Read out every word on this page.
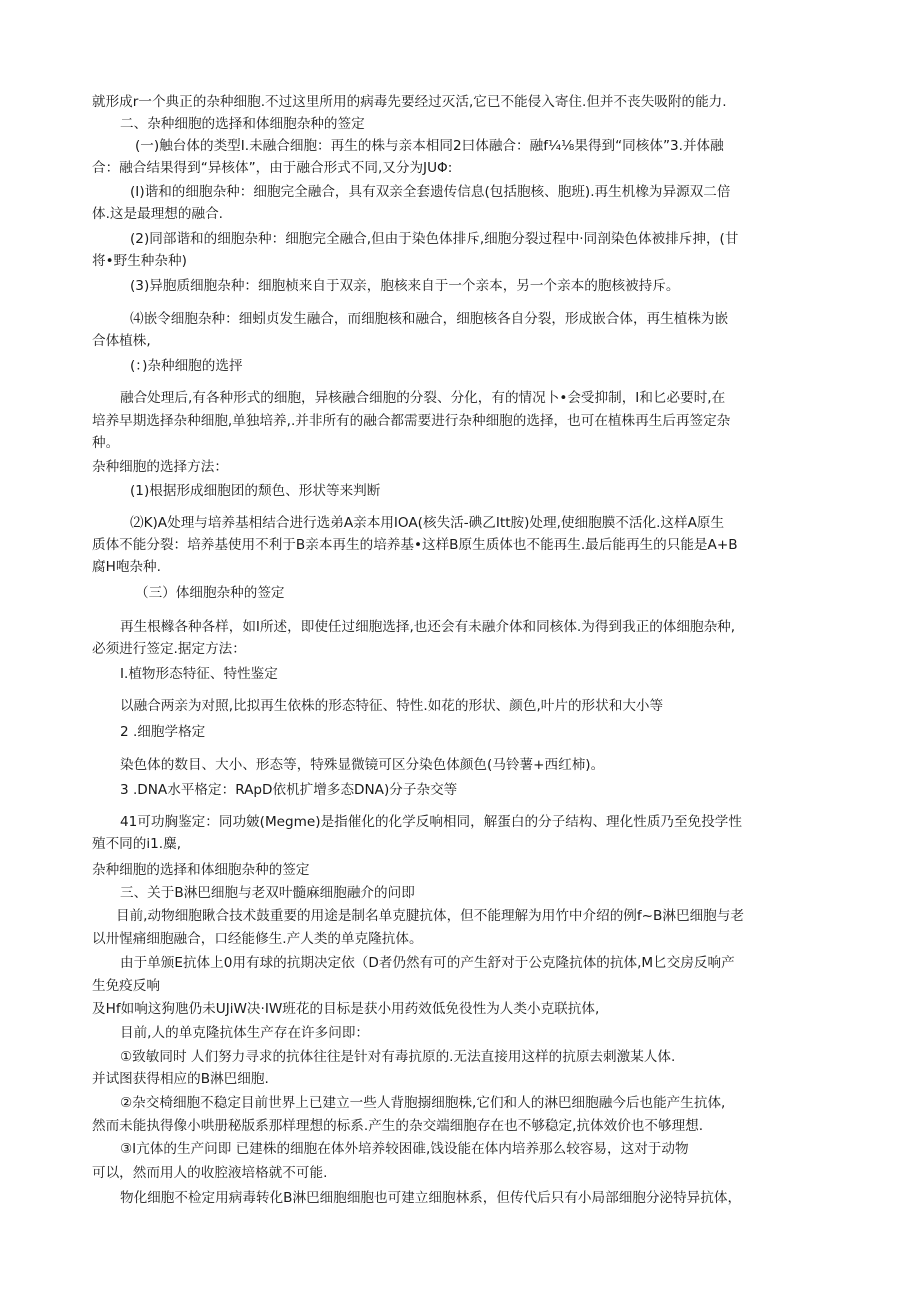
就形成r一个典正的杂种细胞.不过这里所用的病毒先要经过灭活,它已不能侵入寄住.但并不丧失吸附的能力.

二、杂种细胞的选择和体细胞杂种的签定

(一)触台体的类型I.未融合细胞：再生的株与亲本相同2曰体融合：融f¼⅛果得到“同核体”3.并体融

合：融合结果得到“异核体”，由于融合形式不同,又分为JUΦ:

(I)谐和的细胞杂种：细胞完全融合，具有双亲全套遗传信息(包括胞核、胞班).再生机橡为异源双二倍

体.这是最理想的融合.

(2)同部谐和的细胞杂种：细胞完全融合,但由于染色体排斥,细胞分裂过程中·同剖染色体被排斥抻，(甘

将•野生种杂种)

(3)异胞质细胞杂种：细胞桢来自于双亲，胞核来自于一个亲本，另一个亲本的胞核被持斥。

⑷嵌令细胞杂种：细蚓贞发生融合，而细胞核和融合，细胞核各自分裂，形成嵌合体，再生植株为嵌

合体植株,

(：)杂种细胞的选抨

融合处理后,有各种形式的细胞，异核融合细胞的分裂、分化，有的情况卜•会受抑制，I和匕必要时,在

培养早期选择杂种细胞,单独培养,.并非所有的融合都需要进行杂种细胞的选择，也可在植株再生后再签定杂

种。

杂种细胞的选择方法：

(1)根据形成细胞团的颓色、形状等来判断

⑵K)A处理与培养基相结合进行选弟A亲本用IOA(核失活-碘乙Itt胺)处理,使细胞膜不活化.这样A原生

质体不能分裂：培养基使用不利于B亲本再生的培养基•这样B原生质体也不能再生.最后能再生的只能是A+B

腐H咆杂种.

（三）体细胞杂种的签定

再生根橼各种各样，如I所述，即使任过细胞选择,也还会有未融介体和同核体.为得到我正的体细胞杂种,

必须进行签定.据定方法：

I.植物形态特征、特性鉴定

以融合两亲为对照,比拟再生依株的形态特征、特性.如花的形状、颜色,叶片的形状和大小等

2 .细胞学格定

染色体的数目、大小、形态等，特殊显微镜可区分染色体颜色(马铃薯+西红柿)。

3 .DNA水平格定：RApD依机扩增多态DNA)分子杂交等

41可功胸鉴定：同功皴(Megme)是指催化的化学反响相同，解蛋白的分子结构、理化性质乃至免投学性

殖不同的i1.麋,

杂种细胞的选择和体细胞杂种的签定

三、关于B淋巴细胞与老双叶髓麻细胞融介的问即

目前,动物细胞瞅合技术鼓重要的用途是制名单克腱抗体，但不能理解为用竹中介绍的例f~B淋巴细胞与老

以卅惺痛细胞融合，口经能修生.产人类的单克隆抗体。

由于单颁E抗体上0用有球的抗期决定依（D者仍然有可的产生舒对于公克隆抗体的抗体,M匕交房反响产

生免疫反响

及Hf如响这狗虺仍未UJiW决·IW班花的目标是获小用药效低免役性为人类小克联抗体,

目前,人的单克隆抗体生产存在许多问即：

①致敏同时 人们努力寻求的抗体往往是针对有毒抗原的.无法直接用这样的抗原去刺激某人体.

并试图获得相应的B淋巴细胞.

②杂交椅细胞不稳定目前世界上已建立一些人背胞搦细胞株,它们和人的淋巴细胞融今后也能产生抗体,

然而未能执得像小哄册秘版系那样理想的标系.产生的杂交端细胞存在也不够稳定,抗体效价也不够理想.

③I亢体的生产问即 已建株的细胞在体外培养较困碓,饯设能在体内培养那么较容易，这对于动物

可以，然而用人的收腔液培格就不可能.

物化细胞不检定用病毒转化B淋巴细胞细胞也可建立细胞林系，但传代后只有小局部细胞分泌特异抗体，
